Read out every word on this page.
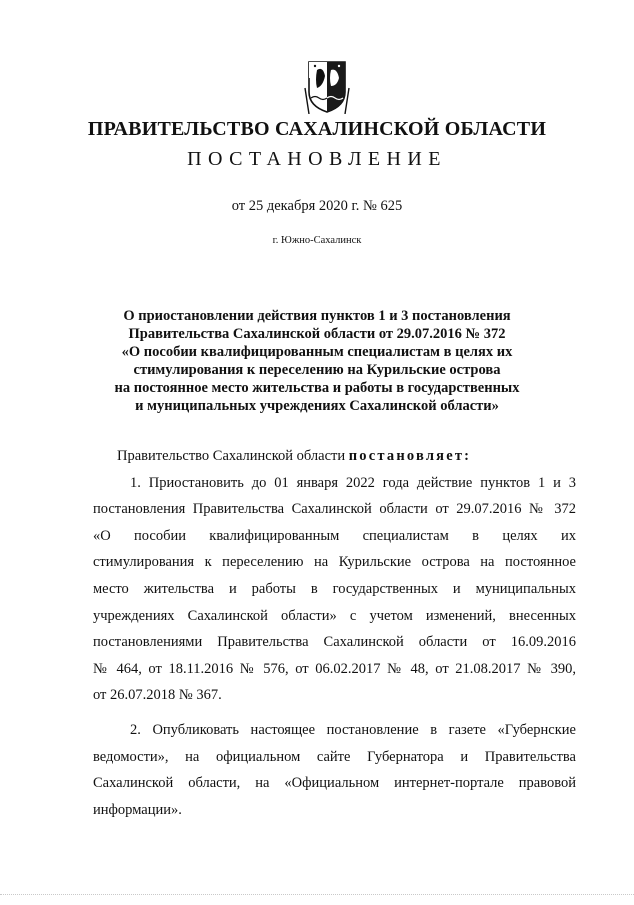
ПРАВИТЕЛЬСТВО САХАЛИНСКОЙ ОБЛАСТИ
ПОСТАНОВЛЕНИЕ
от 25 декабря 2020 г. № 625
г. Южно-Сахалинск
О приостановлении действия пунктов 1 и 3 постановления
Правительства Сахалинской области от 29.07.2016 № 372
«О пособии квалифицированным специалистам в целях их
стимулирования к переселению на Курильские острова
на постоянное место жительства и работы в государственных
и муниципальных учреждениях Сахалинской области»
Правительство Сахалинской области постановляет:
1. Приостановить до 01 января 2022 года действие пунктов 1 и 3
постановления Правительства Сахалинской области от 29.07.2016 № 372
«О пособии квалифицированным специалистам в целях их
стимулирования к переселению на Курильские острова на постоянное
место жительства и работы в государственных и муниципальных
учреждениях Сахалинской области» с учетом изменений, внесенных
постановлениями Правительства Сахалинской области от 16.09.2016
№ 464, от 18.11.2016 № 576, от 06.02.2017 № 48, от 21.08.2017 № 390,
от 26.07.2018 № 367.
2. Опубликовать настоящее постановление в газете «Губернские
ведомости», на официальном сайте Губернатора и Правительства
Сахалинской области, на «Официальном интернет-портале правовой
информации».
